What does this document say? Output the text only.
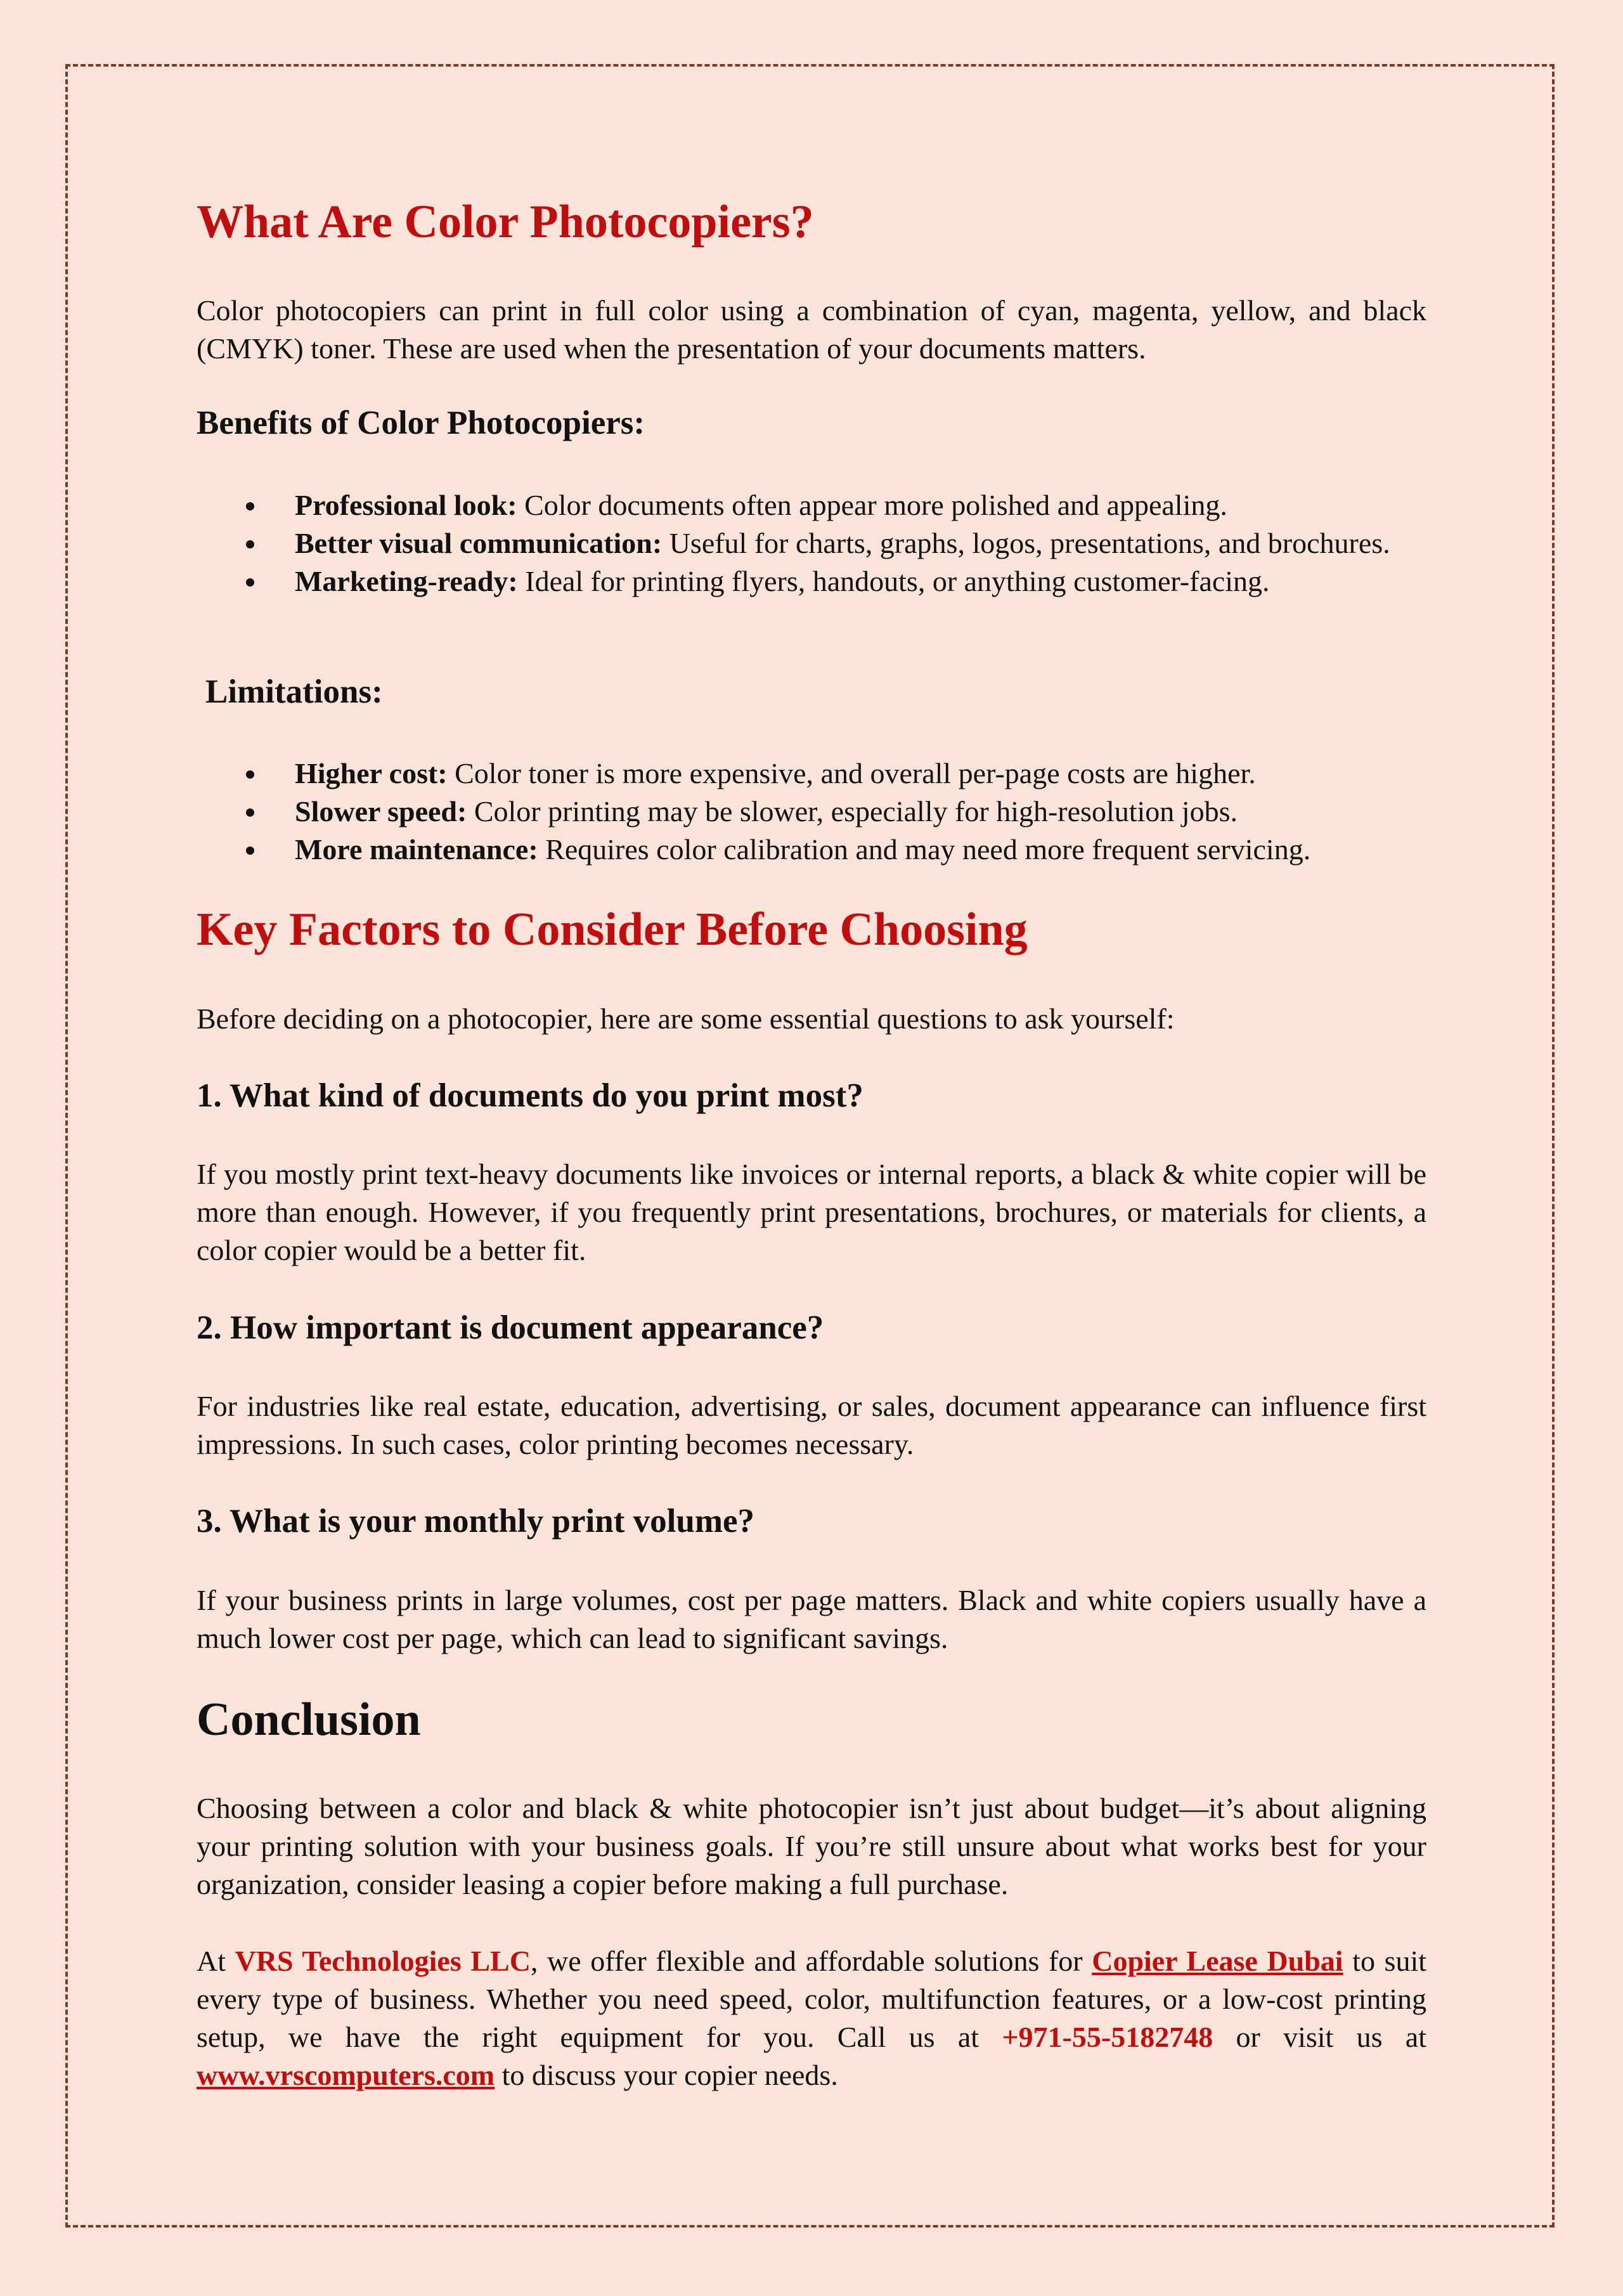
What Are Color Photocopiers?

Color photocopiers can print in full color using a combination of cyan, magenta, yellow, and black (CMYK) toner. These are used when the presentation of your documents matters.

Benefits of Color Photocopiers:
Professional look: Color documents often appear more polished and appealing.
Better visual communication: Useful for charts, graphs, logos, presentations, and brochures.
Marketing-ready: Ideal for printing flyers, handouts, or anything customer-facing.
Limitations:
Higher cost: Color toner is more expensive, and overall per-page costs are higher.
Slower speed: Color printing may be slower, especially for high-resolution jobs.
More maintenance: Requires color calibration and may need more frequent servicing.
Key Factors to Consider Before Choosing

Before deciding on a photocopier, here are some essential questions to ask yourself:

1. What kind of documents do you print most?

If you mostly print text-heavy documents like invoices or internal reports, a black & white copier will be more than enough. However, if you frequently print presentations, brochures, or materials for clients, a color copier would be a better fit.

2. How important is document appearance?

For industries like real estate, education, advertising, or sales, document appearance can influence first impressions. In such cases, color printing becomes necessary.

3. What is your monthly print volume?

If your business prints in large volumes, cost per page matters. Black and white copiers usually have a much lower cost per page, which can lead to significant savings.

Conclusion

Choosing between a color and black & white photocopier isn’t just about budget—it’s about aligning your printing solution with your business goals. If you’re still unsure about what works best for your organization, consider leasing a copier before making a full purchase.

At VRS Technologies LLC, we offer flexible and affordable solutions for Copier Lease Dubai to suit every type of business. Whether you need speed, color, multifunction features, or a low-cost printing setup, we have the right equipment for you. Call us at +971-55-5182748 or visit us at www.vrscomputers.com to discuss your copier needs.
